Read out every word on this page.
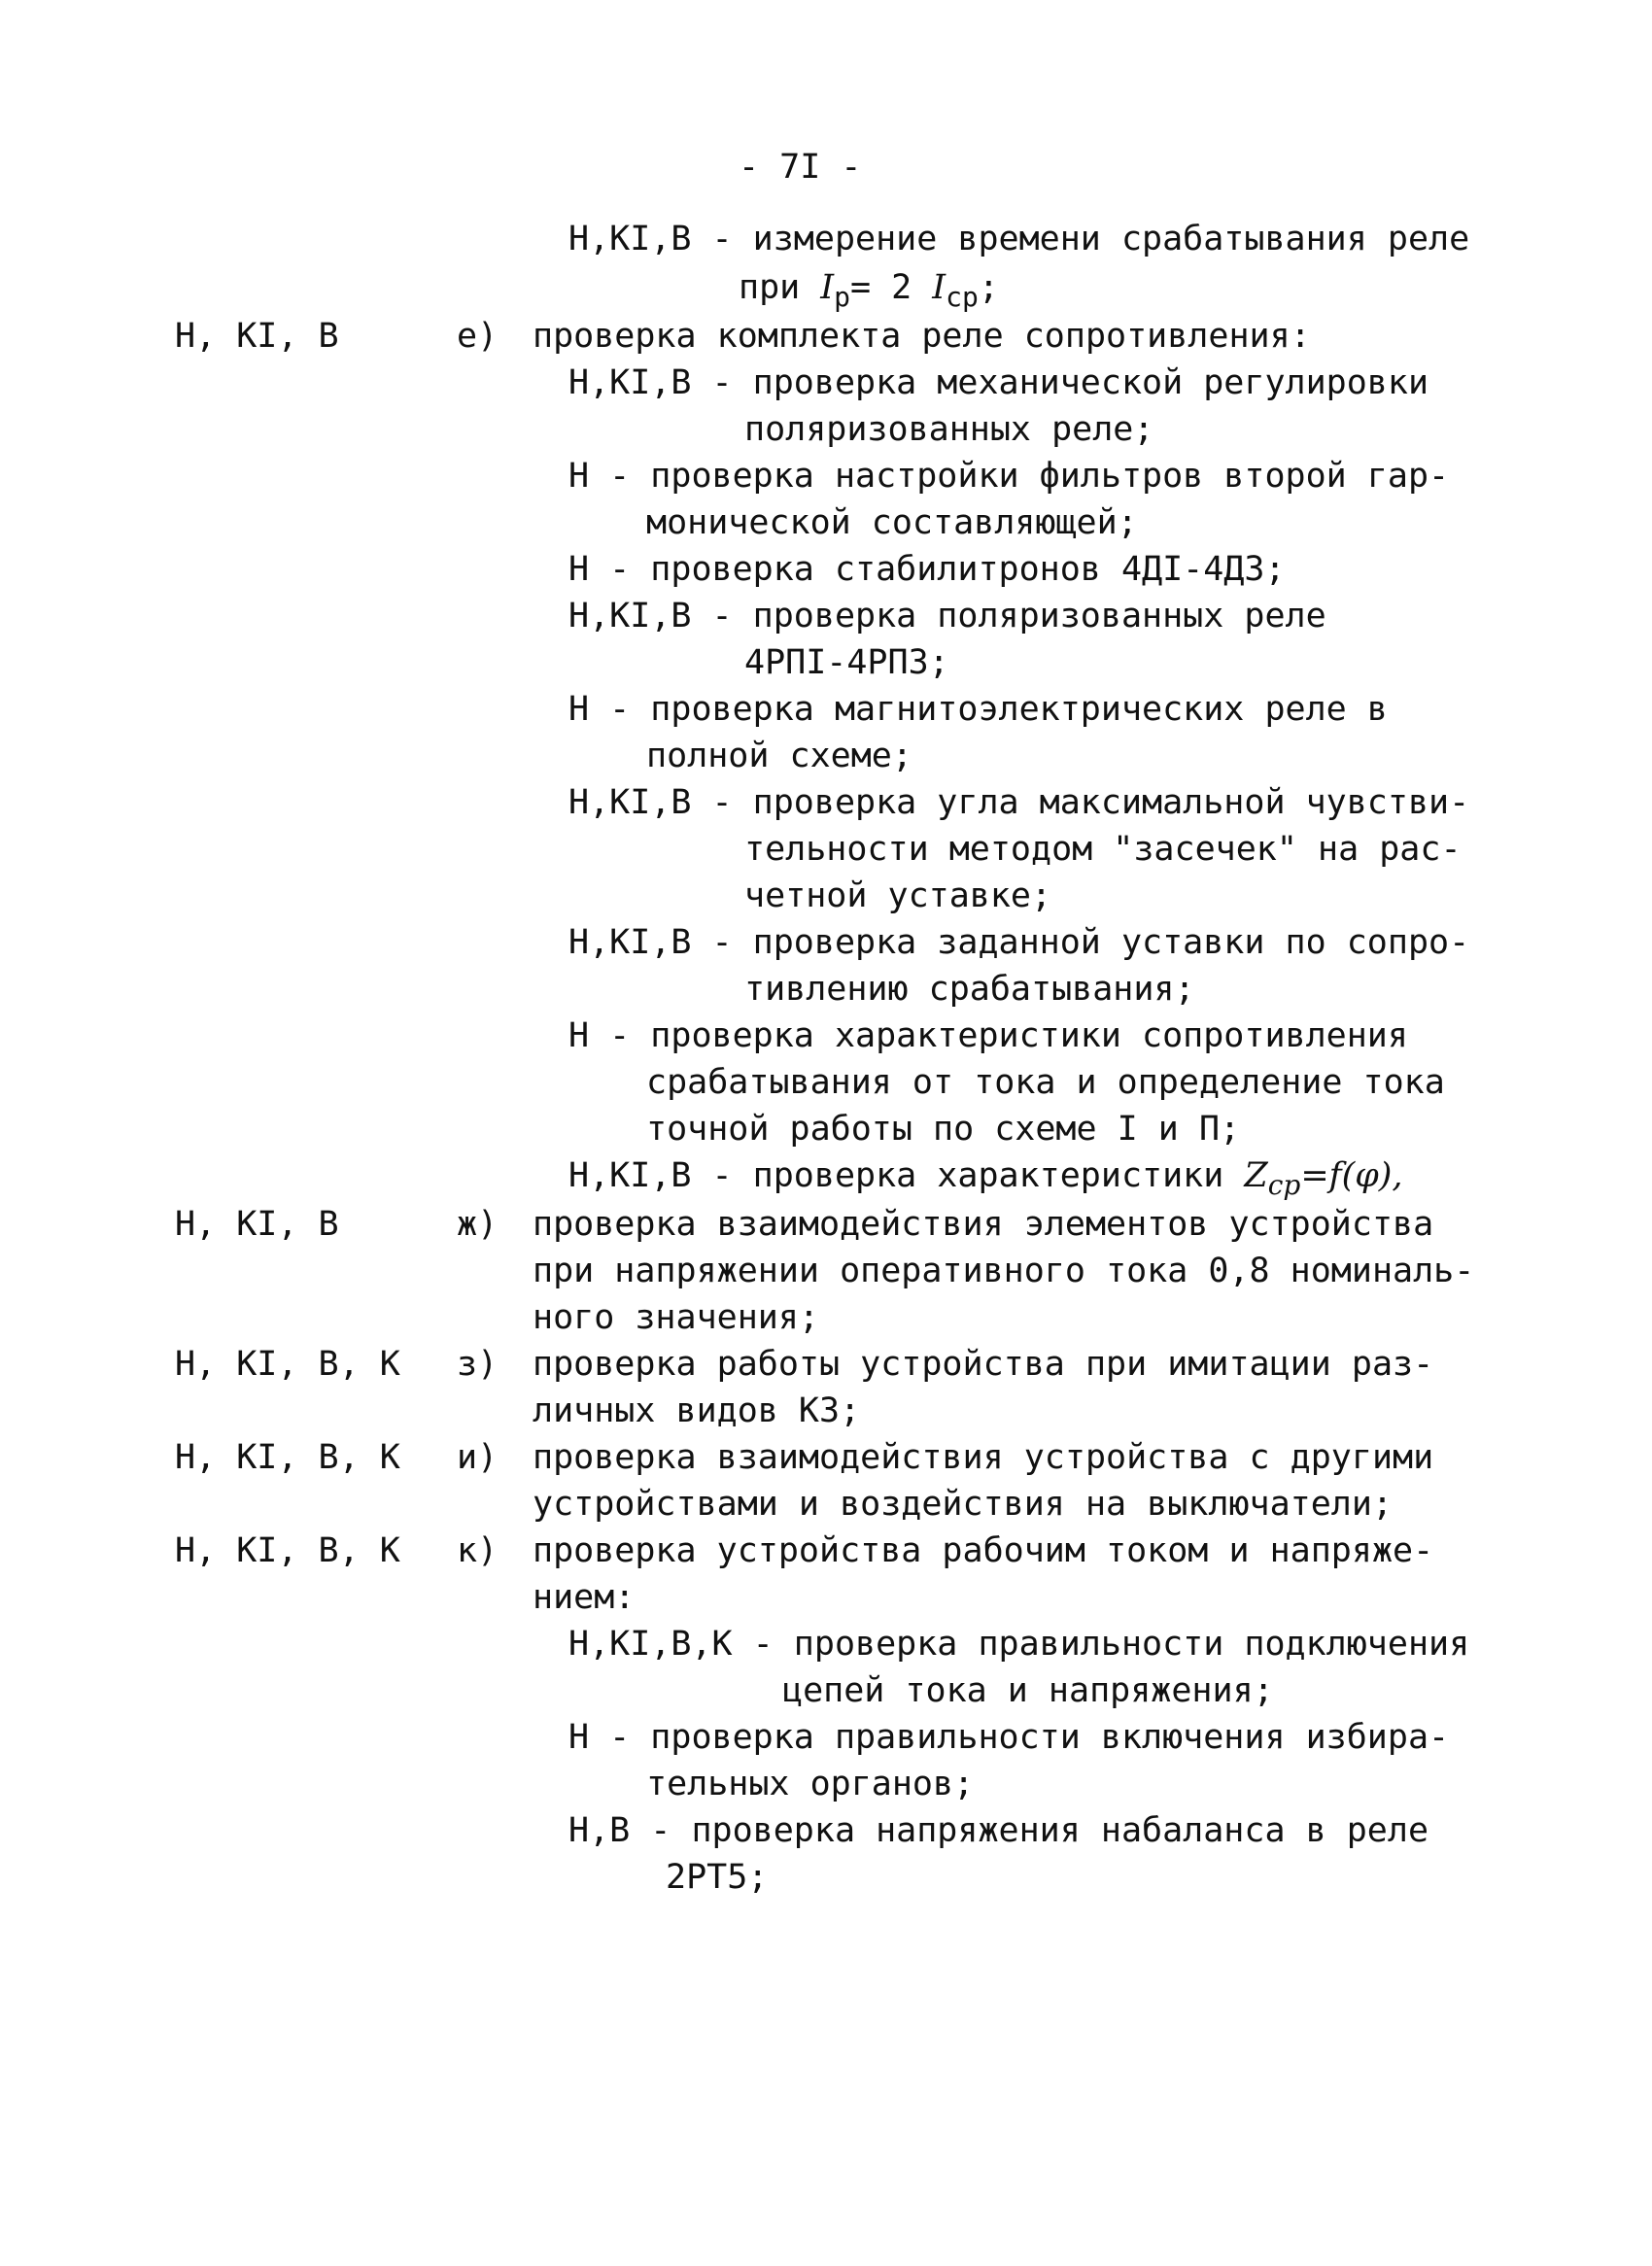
- 7I -
Н,КI,В - измерение времени срабатывания реле
при $I_р= 2$ $I_{ср}$;
Н, КI, В	е) проверка комплекта реле сопротивления:
Н,КI,В - проверка механической регулировки
поляризованных реле;
Н - проверка настройки фильтров второй гар-
монической составляющей;
Н - проверка стабилитронов 4ДI-4Д3;
Н,КI,В - проверка поляризованных реле
4РПI-4РП3;
Н - проверка магнитоэлектрических реле в
полной схеме;
Н,КI,В - проверка угла максимальной чувстви-
тельности методом "засечек" на рас-
четной уставке;
Н,КI,В - проверка заданной уставки по сопро-
тивлению срабатывания;
Н - проверка характеристики сопротивления
срабатывания от тока и определение тока
точной работы по схеме I и П;
Н,КI,В - проверка характеристики $Z_{ср}=f(\varphi)$,
Н, КI, В	ж) проверка взаимодействия элементов устройства
при напряжении оперативного тока 0,8 номиналь-
ного значения;
Н, КI, В, К з) проверка работы устройства при имитации раз-
личных видов КЗ;
Н, КI, В, К и) проверка взаимодействия устройства с другими
устройствами и воздействия на выключатели;
Н, КI, В, К к) проверка устройства рабочим током и напряже-
нием:
Н,КI,В,К - проверка правильности подключения
цепей тока и напряжения;
Н - проверка правильности включения избира-
тельных органов;
Н,В - проверка напряжения набаланса в реле
2РТ5;
